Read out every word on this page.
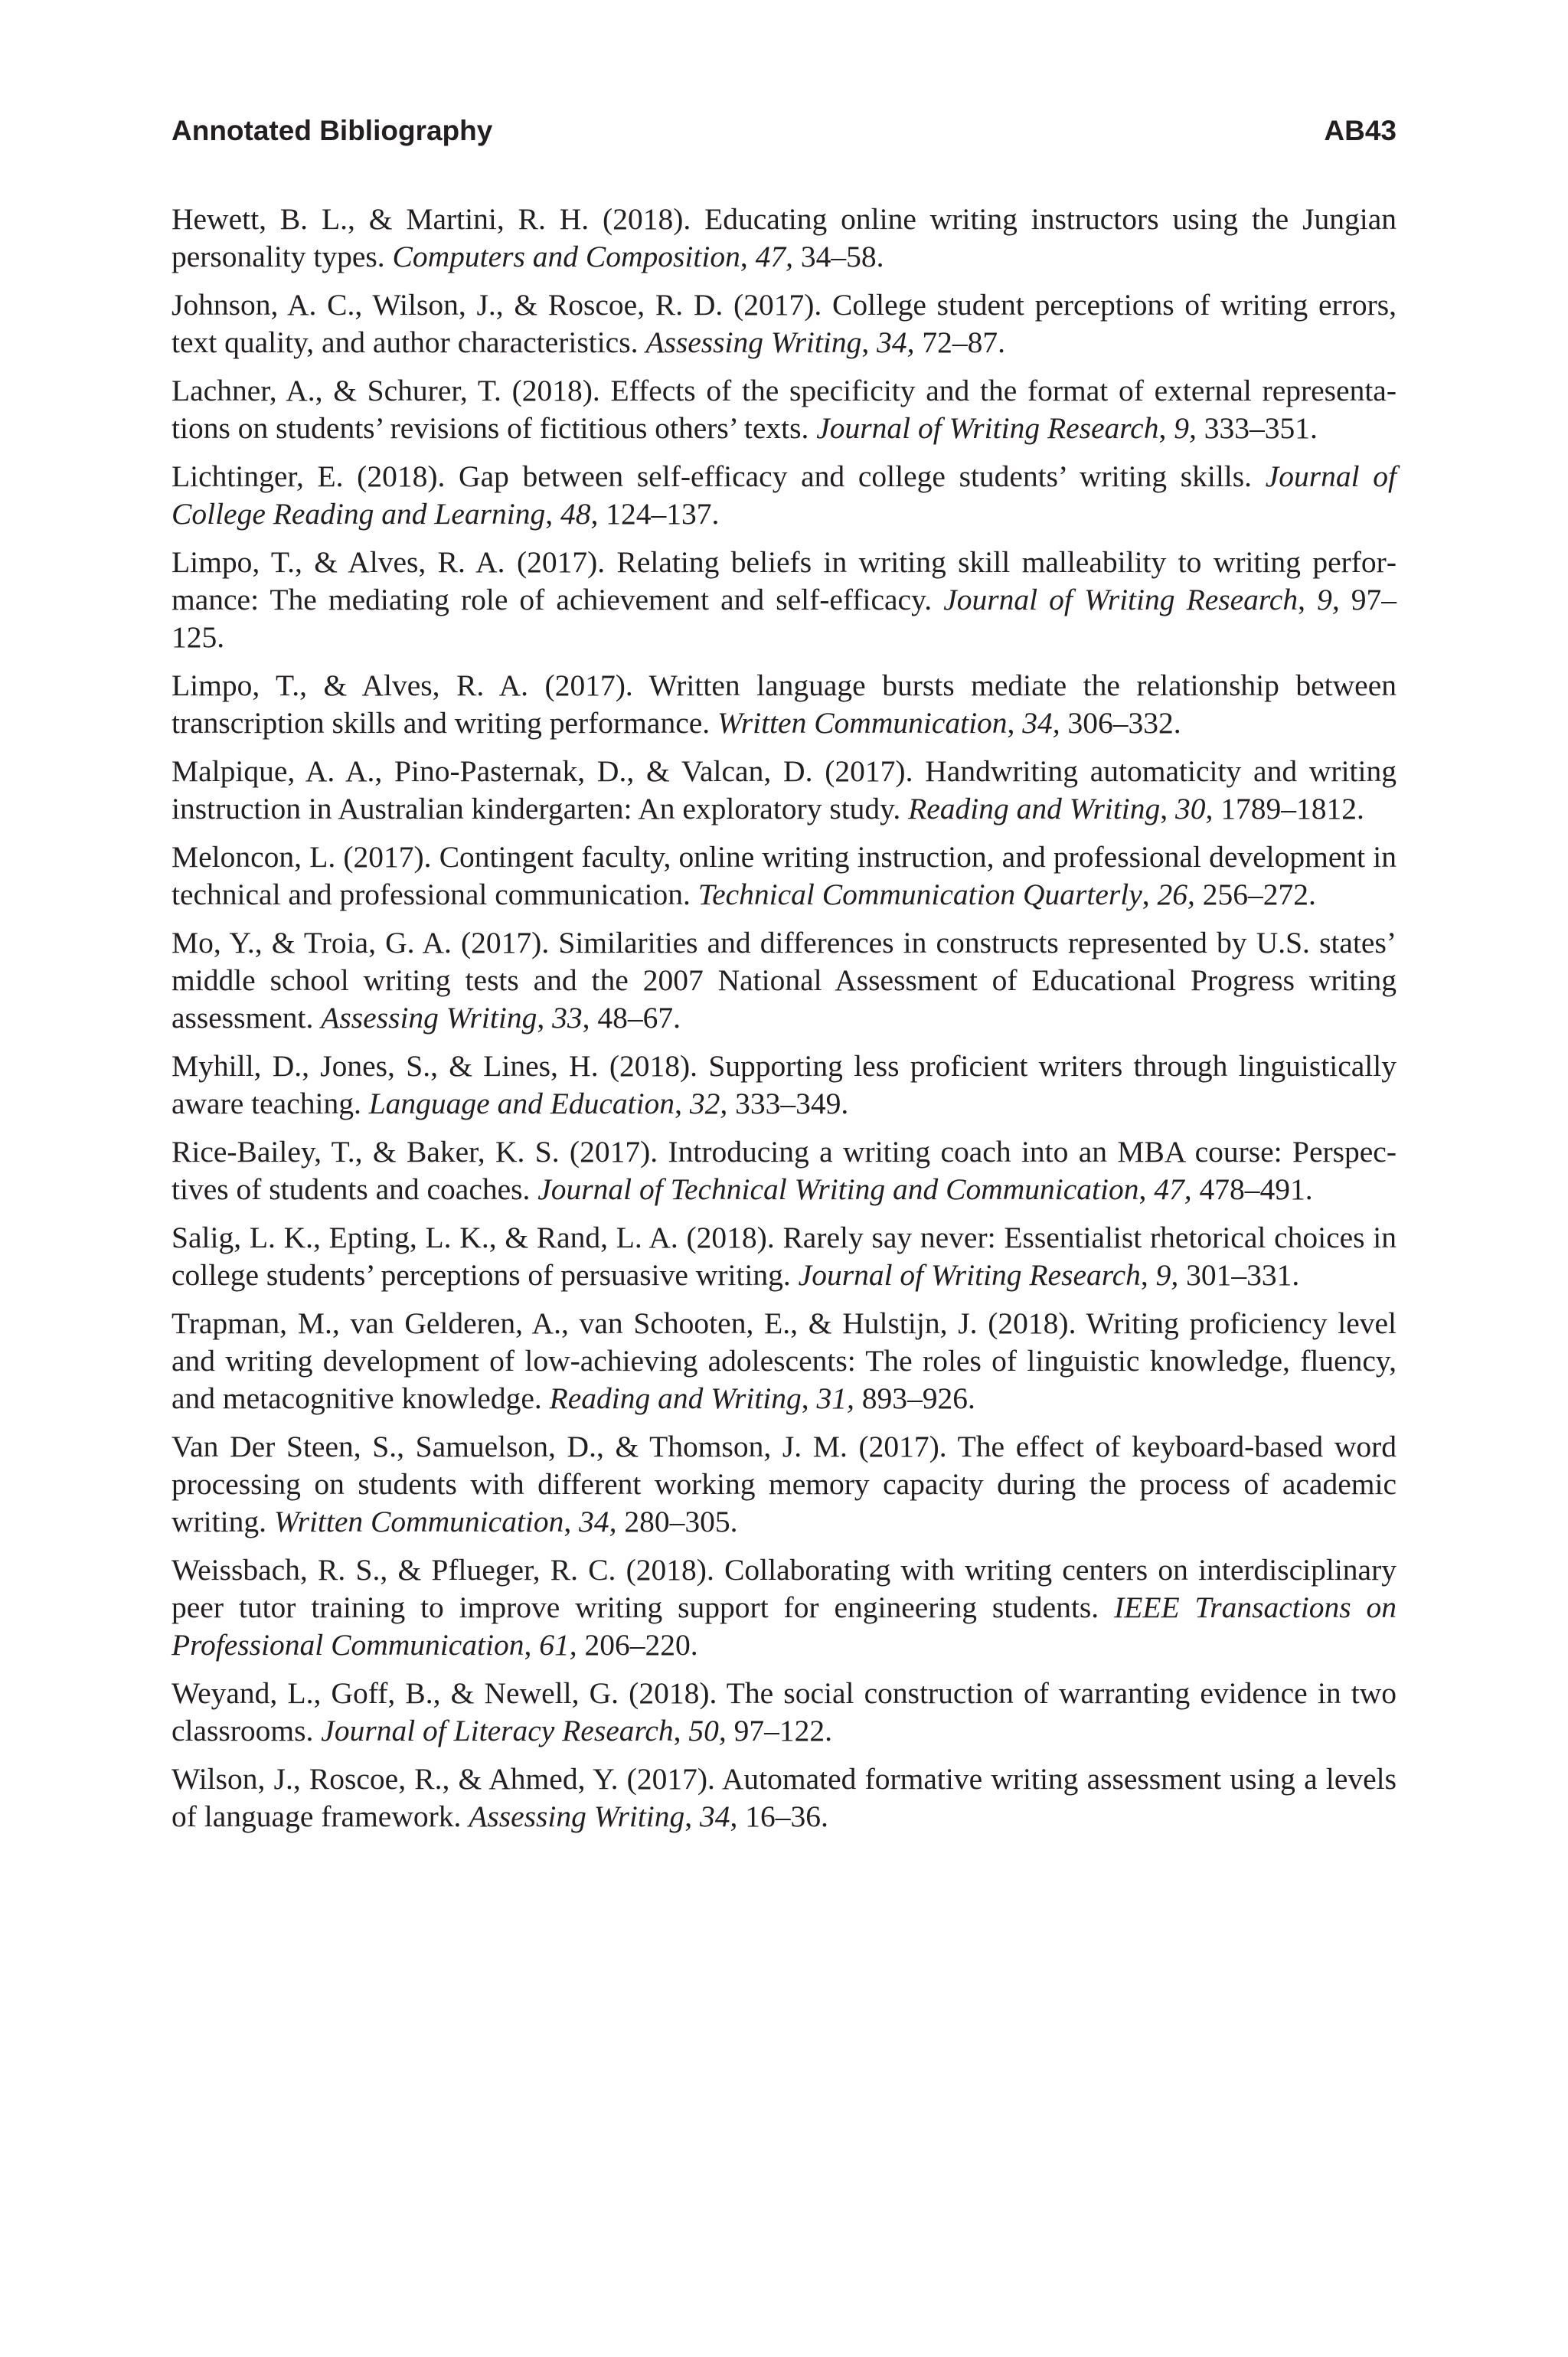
Annotated Bibliography	AB43

Hewett, B. L., & Martini, R. H. (2018). Educating online writing instructors using the Jungian personality types. Computers and Composition, 47, 34–58.

Johnson, A. C., Wilson, J., & Roscoe, R. D. (2017). College student perceptions of writing errors, text quality, and author characteristics. Assessing Writing, 34, 72–87.

Lachner, A., & Schurer, T. (2018). Effects of the specificity and the format of external representations on students’ revisions of fictitious others’ texts. Journal of Writing Research, 9, 333–351.

Lichtinger, E. (2018). Gap between self-efficacy and college students’ writing skills. Journal of College Reading and Learning, 48, 124–137.

Limpo, T., & Alves, R. A. (2017). Relating beliefs in writing skill malleability to writing performance: The mediating role of achievement and self-efficacy. Journal of Writing Research, 9, 97–125.

Limpo, T., & Alves, R. A. (2017). Written language bursts mediate the relationship between transcription skills and writing performance. Written Communication, 34, 306–332.

Malpique, A. A., Pino-Pasternak, D., & Valcan, D. (2017). Handwriting automaticity and writing instruction in Australian kindergarten: An exploratory study. Reading and Writing, 30, 1789–1812.

Meloncon, L. (2017). Contingent faculty, online writing instruction, and professional development in technical and professional communication. Technical Communication Quarterly, 26, 256–272.

Mo, Y., & Troia, G. A. (2017). Similarities and differences in constructs represented by U.S. states’ middle school writing tests and the 2007 National Assessment of Educational Progress writing assessment. Assessing Writing, 33, 48–67.

Myhill, D., Jones, S., & Lines, H. (2018). Supporting less proficient writers through linguistically aware teaching. Language and Education, 32, 333–349.

Rice-Bailey, T., & Baker, K. S. (2017). Introducing a writing coach into an MBA course: Perspectives of students and coaches. Journal of Technical Writing and Communication, 47, 478–491.

Salig, L. K., Epting, L. K., & Rand, L. A. (2018). Rarely say never: Essentialist rhetorical choices in college students’ perceptions of persuasive writing. Journal of Writing Research, 9, 301–331.

Trapman, M., van Gelderen, A., van Schooten, E., & Hulstijn, J. (2018). Writing proficiency level and writing development of low-achieving adolescents: The roles of linguistic knowledge, fluency, and metacognitive knowledge. Reading and Writing, 31, 893–926.

Van Der Steen, S., Samuelson, D., & Thomson, J. M. (2017). The effect of keyboard-based word processing on students with different working memory capacity during the process of academic writing. Written Communication, 34, 280–305.

Weissbach, R. S., & Pflueger, R. C. (2018). Collaborating with writing centers on interdisciplinary peer tutor training to improve writing support for engineering students. IEEE Transactions on Professional Communication, 61, 206–220.

Weyand, L., Goff, B., & Newell, G. (2018). The social construction of warranting evidence in two classrooms. Journal of Literacy Research, 50, 97–122.

Wilson, J., Roscoe, R., & Ahmed, Y. (2017). Automated formative writing assessment using a levels of language framework. Assessing Writing, 34, 16–36.
